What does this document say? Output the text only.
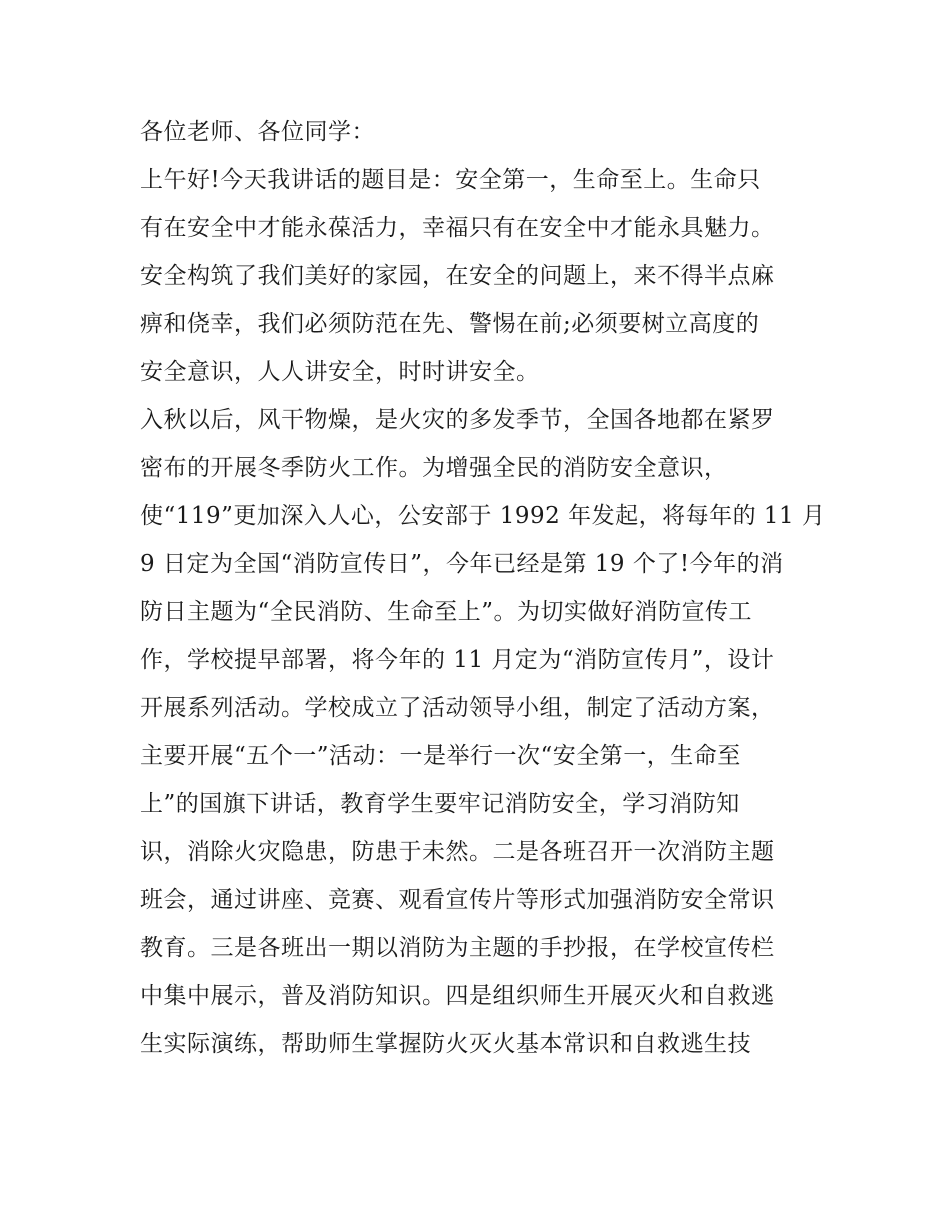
各位老师、各位同学：
上午好!今天我讲话的题目是：安全第一，生命至上。生命只
有在安全中才能永葆活力，幸福只有在安全中才能永具魅力。
安全构筑了我们美好的家园，在安全的问题上，来不得半点麻
痹和侥幸，我们必须防范在先、警惕在前;必须要树立高度的
安全意识，人人讲安全，时时讲安全。
入秋以后，风干物燥，是火灾的多发季节，全国各地都在紧罗
密布的开展冬季防火工作。为增强全民的消防安全意识，
使“119”更加深入人心，公安部于 1992 年发起，将每年的 11 月
9 日定为全国“消防宣传日”，今年已经是第 19 个了!今年的消
防日主题为“全民消防、生命至上”。为切实做好消防宣传工
作，学校提早部署，将今年的 11 月定为“消防宣传月”，设计
开展系列活动。学校成立了活动领导小组，制定了活动方案，
主要开展“五个一”活动：一是举行一次“安全第一，生命至
上”的国旗下讲话，教育学生要牢记消防安全，学习消防知
识，消除火灾隐患，防患于未然。二是各班召开一次消防主题
班会，通过讲座、竞赛、观看宣传片等形式加强消防安全常识
教育。三是各班出一期以消防为主题的手抄报，在学校宣传栏
中集中展示，普及消防知识。四是组织师生开展灭火和自救逃
生实际演练，帮助师生掌握防火灭火基本常识和自救逃生技
